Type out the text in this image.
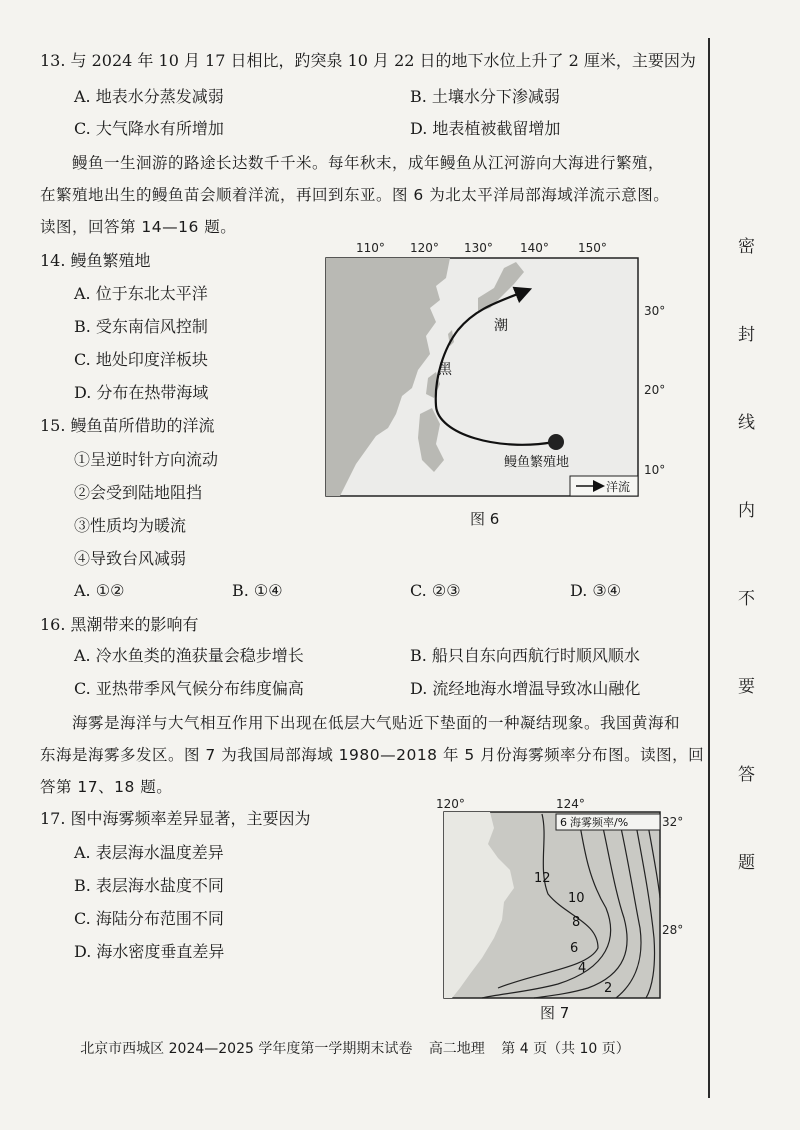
13. 与 2024 年 10 月 17 日相比，趵突泉 10 月 22 日的地下水位上升了 2 厘米，主要因为
A. 地表水分蒸发减弱	B. 土壤水分下渗减弱
C. 大气降水有所增加	D. 地表植被截留增加
鳗鱼一生洄游的路途长达数千千米。每年秋末，成年鳗鱼从江河游向大海进行繁殖，
在繁殖地出生的鳗鱼苗会顺着洋流，再回到东亚。图 6 为北太平洋局部海域洋流示意图。
读图，回答第 14—16 题。
14. 鳗鱼繁殖地
A. 位于东北太平洋
B. 受东南信风控制
C. 地处印度洋板块
D. 分布在热带海域
15. 鳗鱼苗所借助的洋流
①呈逆时针方向流动
②会受到陆地阻挡
③性质均为暖流
④导致台风减弱
A. ①②	B. ①④	C. ②③	D. ③④
16. 黑潮带来的影响有
A. 冷水鱼类的渔获量会稳步增长	B. 船只自东向西航行时顺风顺水
C. 亚热带季风气候分布纬度偏高	D. 流经地海水增温导致冰山融化
海雾是海洋与大气相互作用下出现在低层大气贴近下垫面的一种凝结现象。我国黄海和
东海是海雾多发区。图 7 为我国局部海域 1980—2018 年 5 月份海雾频率分布图。读图，回
答第 17、18 题。
17. 图中海雾频率差异显著，主要因为
A. 表层海水温度差异
B. 表层海水盐度不同
C. 海陆分布范围不同
D. 海水密度垂直差异
110° 120° 130° 140° 150°
30°
20°
10°
潮
黑
鳗鱼繁殖地
洋流
图 6
120°	124°
12
10
8
6
4
2
6 海雾频率/%	32°
28°
图 7
密
封
线
内
不
要
答
题
北京市西城区 2024—2025 学年度第一学期期末试卷 高二地理 第 4 页（共 10 页）
